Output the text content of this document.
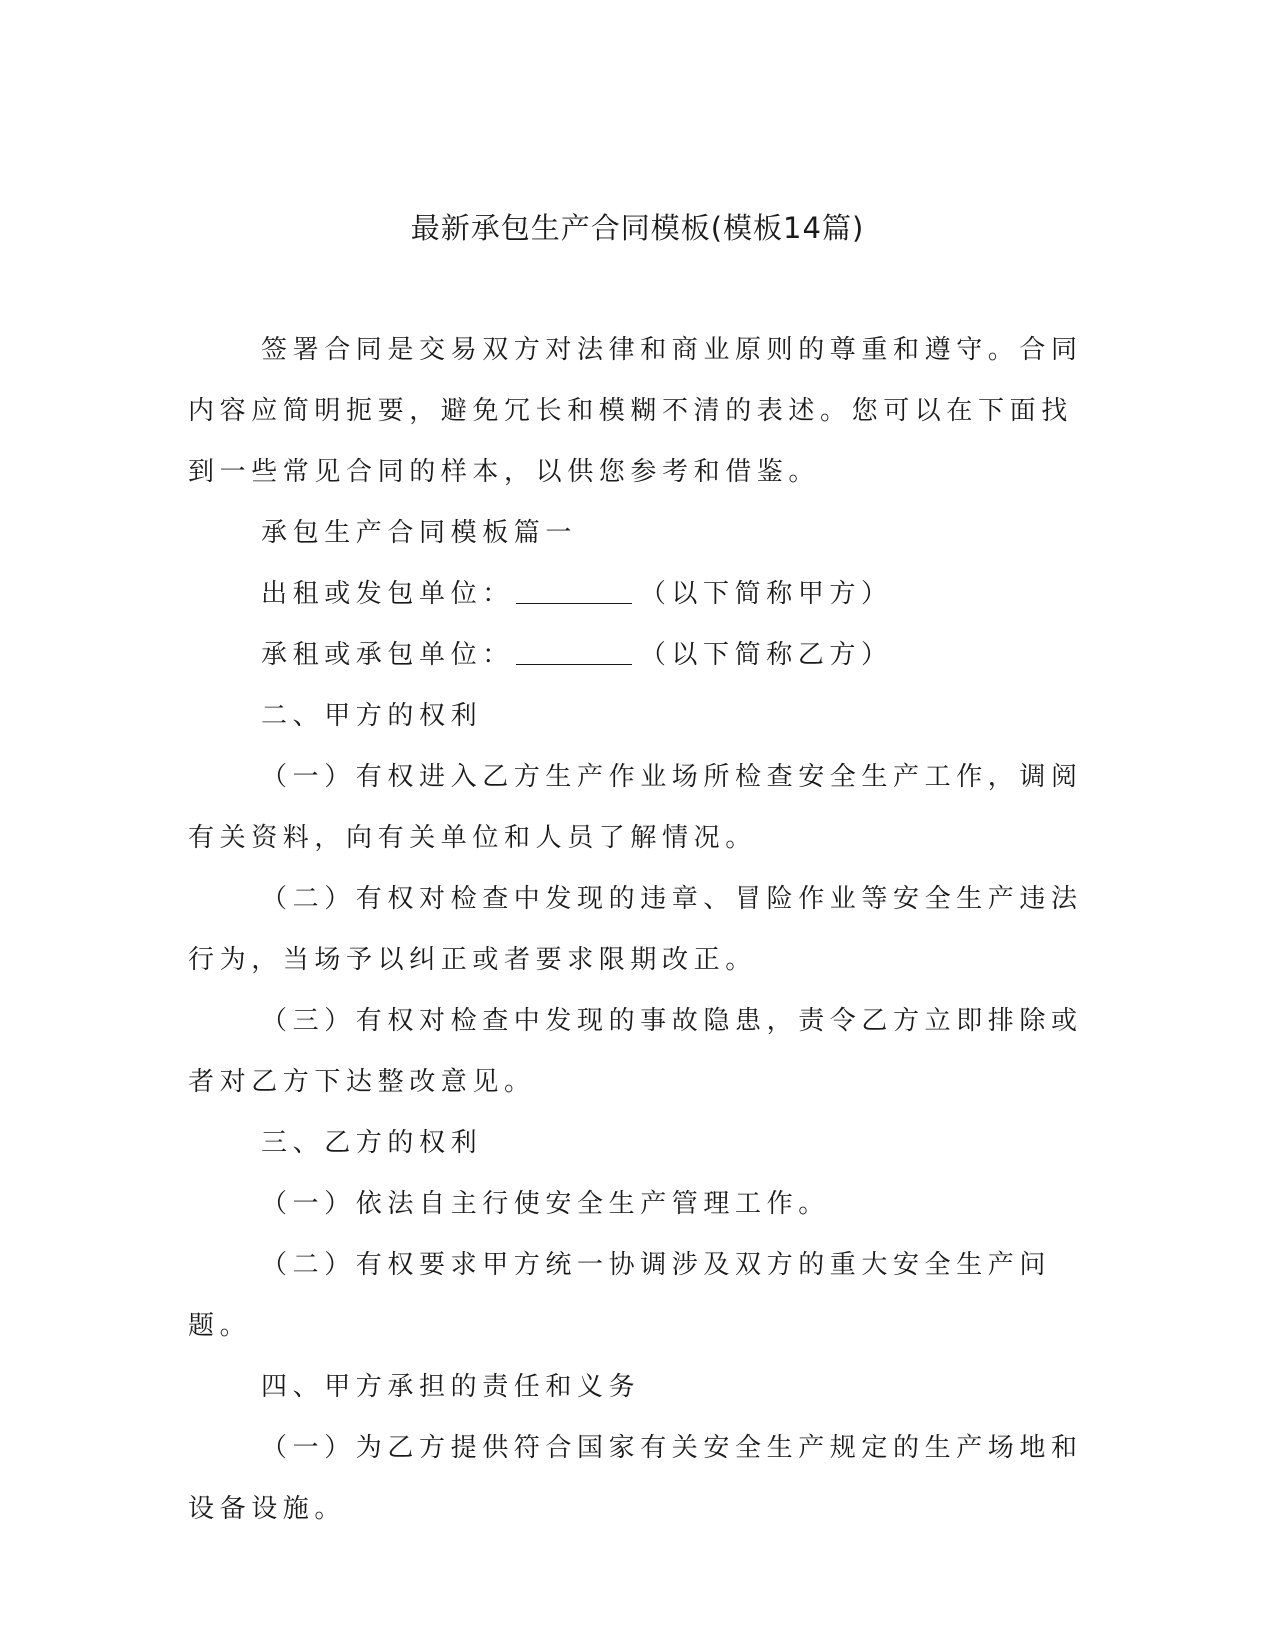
最新承包生产合同模板(模板14篇)

签署合同是交易双方对法律和商业原则的尊重和遵守。合同内容应简明扼要，避免冗长和模糊不清的表述。您可以在下面找到一些常见合同的样本，以供您参考和借鉴。

承包生产合同模板篇一

出租或发包单位：	（以下简称甲方）

承租或承包单位：	（以下简称乙方）

二、甲方的权利

（一）有权进入乙方生产作业场所检查安全生产工作，调阅有关资料，向有关单位和人员了解情况。

（二）有权对检查中发现的违章、冒险作业等安全生产违法行为，当场予以纠正或者要求限期改正。

（三）有权对检查中发现的事故隐患，责令乙方立即排除或者对乙方下达整改意见。

三、乙方的权利

（一）依法自主行使安全生产管理工作。

（二）有权要求甲方统一协调涉及双方的重大安全生产问题。

四、甲方承担的责任和义务

（一）为乙方提供符合国家有关安全生产规定的生产场地和设备设施。
